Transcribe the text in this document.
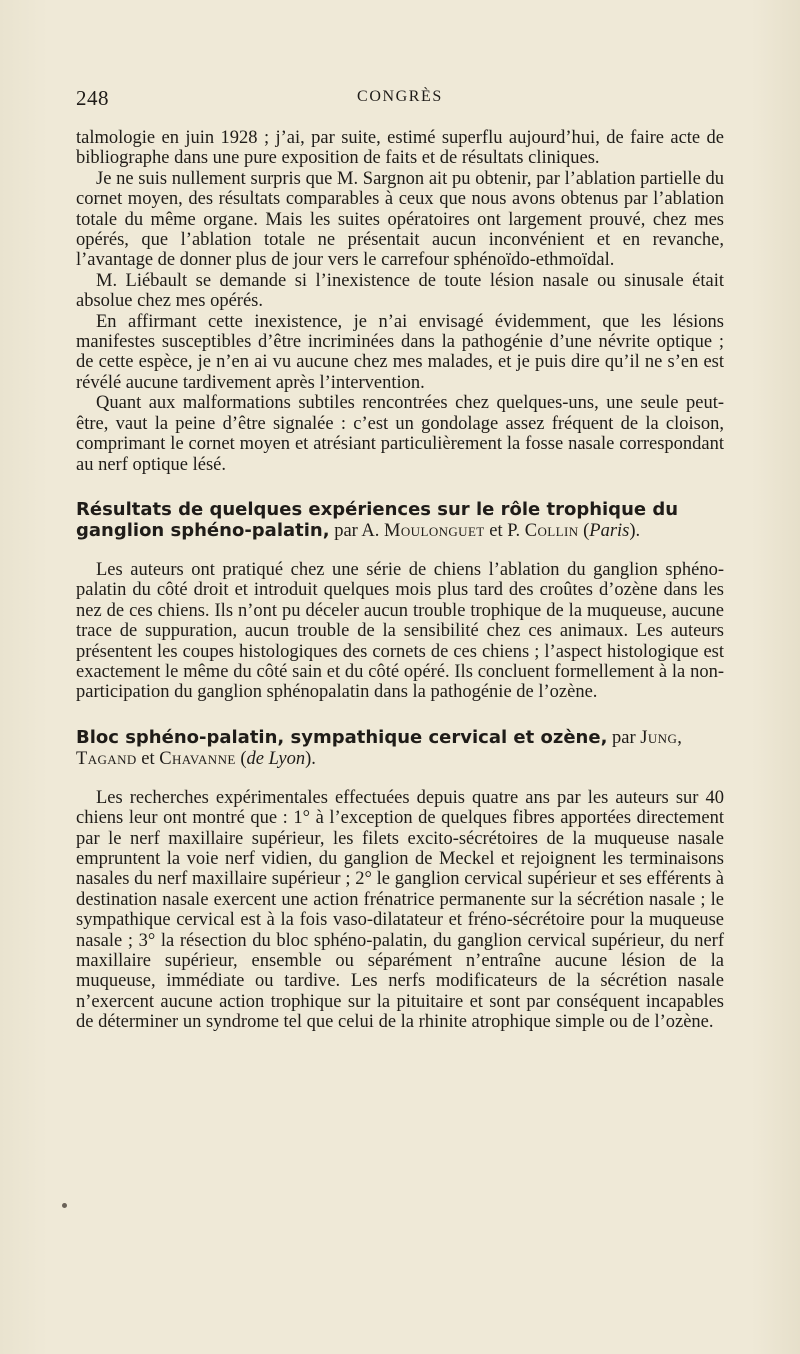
248	CONGRÈS

talmologie en juin 1928 ; j’ai, par suite, estimé superflu aujourd’hui, de faire acte de bibliographe dans une pure exposition de faits et de résultats cliniques.

Je ne suis nullement surpris que M. Sargnon ait pu obtenir, par l’ablation partielle du cornet moyen, des résultats comparables à ceux que nous avons obtenus par l’ablation totale du même organe. Mais les suites opératoires ont largement prouvé, chez mes opérés, que l’ablation totale ne présentait aucun inconvénient et en revanche, l’avantage de donner plus de jour vers le carrefour sphénoïdo-ethmoïdal.

M. Liébault se demande si l’inexistence de toute lésion nasale ou sinusale était absolue chez mes opérés.

En affirmant cette inexistence, je n’ai envisagé évidemment, que les lésions manifestes susceptibles d’être incriminées dans la pathogénie d’une névrite optique ; de cette espèce, je n’en ai vu aucune chez mes malades, et je puis dire qu’il ne s’en est révélé aucune tardivement après l’intervention.

Quant aux malformations subtiles rencontrées chez quelques-uns, une seule peut-être, vaut la peine d’être signalée : c’est un gondolage assez fréquent de la cloison, comprimant le cornet moyen et atrésiant particulièrement la fosse nasale correspondant au nerf optique lésé.

Résultats de quelques expériences sur le rôle trophique du ganglion sphéno-palatin, par A. Moulonguet et P. Collin (Paris).

Les auteurs ont pratiqué chez une série de chiens l’ablation du ganglion sphéno-palatin du côté droit et introduit quelques mois plus tard des croûtes d’ozène dans les nez de ces chiens. Ils n’ont pu déceler aucun trouble trophique de la muqueuse, aucune trace de suppuration, aucun trouble de la sensibilité chez ces animaux. Les auteurs présentent les coupes histologiques des cornets de ces chiens ; l’aspect histologique est exactement le même du côté sain et du côté opéré. Ils concluent formellement à la non-participation du ganglion sphénopalatin dans la pathogénie de l’ozène.

Bloc sphéno-palatin, sympathique cervical et ozène, par Jung, Tagand et Chavanne (de Lyon).

Les recherches expérimentales effectuées depuis quatre ans par les auteurs sur 40 chiens leur ont montré que : 1° à l’exception de quelques fibres apportées directement par le nerf maxillaire supérieur, les filets excito-sécrétoires de la muqueuse nasale empruntent la voie nerf vidien, du ganglion de Meckel et rejoignent les terminaisons nasales du nerf maxillaire supérieur ; 2° le ganglion cervical supérieur et ses efférents à destination nasale exercent une action frénatrice permanente sur la sécrétion nasale ; le sympathique cervical est à la fois vaso-dilatateur et fréno-sécrétoire pour la muqueuse nasale ; 3° la résection du bloc sphéno-palatin, du ganglion cervical supérieur, du nerf maxillaire supérieur, ensemble ou séparément n’entraîne aucune lésion de la muqueuse, immédiate ou tardive. Les nerfs modificateurs de la sécrétion nasale n’exercent aucune action trophique sur la pituitaire et sont par conséquent incapables de déterminer un syndrome tel que celui de la rhinite atrophique simple ou de l’ozène.
